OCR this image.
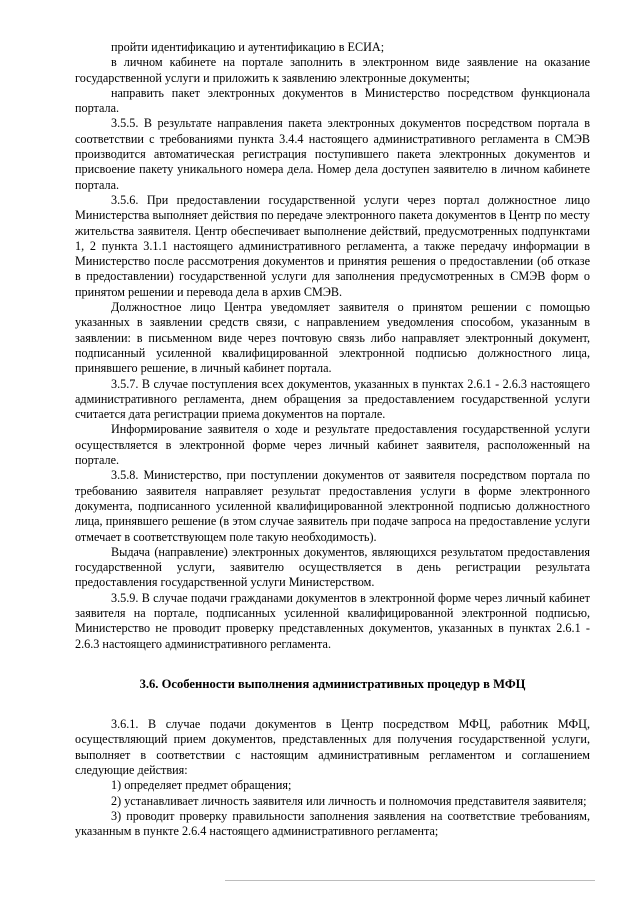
пройти идентификацию и аутентификацию в ЕСИА;

в личном кабинете на портале заполнить в электронном виде заявление на оказание государственной услуги и приложить к заявлению электронные документы;

направить пакет электронных документов в Министерство посредством функционала портала.

3.5.5. В результате направления пакета электронных документов посредством портала в соответствии с требованиями пункта 3.4.4 настоящего административного регламента в СМЭВ производится автоматическая регистрация поступившего пакета электронных документов и присвоение пакету уникального номера дела. Номер дела доступен заявителю в личном кабинете портала.

3.5.6. При предоставлении государственной услуги через портал должностное лицо Министерства выполняет действия по передаче электронного пакета документов в Центр по месту жительства заявителя. Центр обеспечивает выполнение действий, предусмотренных подпунктами 1, 2 пункта 3.1.1 настоящего административного регламента, а также передачу информации в Министерство после рассмотрения документов и принятия решения о предоставлении (об отказе в предоставлении) государственной услуги для заполнения предусмотренных в СМЭВ форм о принятом решении и перевода дела в архив СМЭВ.

Должностное лицо Центра уведомляет заявителя о принятом решении с помощью указанных в заявлении средств связи, с направлением уведомления способом, указанным в заявлении: в письменном виде через почтовую связь либо направляет электронный документ, подписанный усиленной квалифицированной электронной подписью должностного лица, принявшего решение, в личный кабинет портала.

3.5.7. В случае поступления всех документов, указанных в пунктах 2.6.1 - 2.6.3 настоящего административного регламента, днем обращения за предоставлением государственной услуги считается дата регистрации приема документов на портале.

Информирование заявителя о ходе и результате предоставления государственной услуги осуществляется в электронной форме через личный кабинет заявителя, расположенный на портале.

3.5.8. Министерство, при поступлении документов от заявителя посредством портала по требованию заявителя направляет результат предоставления услуги в форме электронного документа, подписанного усиленной квалифицированной электронной подписью должностного лица, принявшего решение (в этом случае заявитель при подаче запроса на предоставление услуги отмечает в соответствующем поле такую необходимость).

Выдача (направление) электронных документов, являющихся результатом предоставления государственной услуги, заявителю осуществляется в день регистрации результата предоставления государственной услуги Министерством.

3.5.9. В случае подачи гражданами документов в электронной форме через личный кабинет заявителя на портале, подписанных усиленной квалифицированной электронной подписью, Министерство не проводит проверку представленных документов, указанных в пунктах 2.6.1 - 2.6.3 настоящего административного регламента.

3.6. Особенности выполнения административных процедур в МФЦ

3.6.1. В случае подачи документов в Центр посредством МФЦ, работник МФЦ, осуществляющий прием документов, представленных для получения государственной услуги, выполняет в соответствии с настоящим административным регламентом и соглашением следующие действия:

1) определяет предмет обращения;

2) устанавливает личность заявителя или личность и полномочия представителя заявителя;

3) проводит проверку правильности заполнения заявления на соответствие требованиям, указанным в пункте 2.6.4 настоящего административного регламента;
